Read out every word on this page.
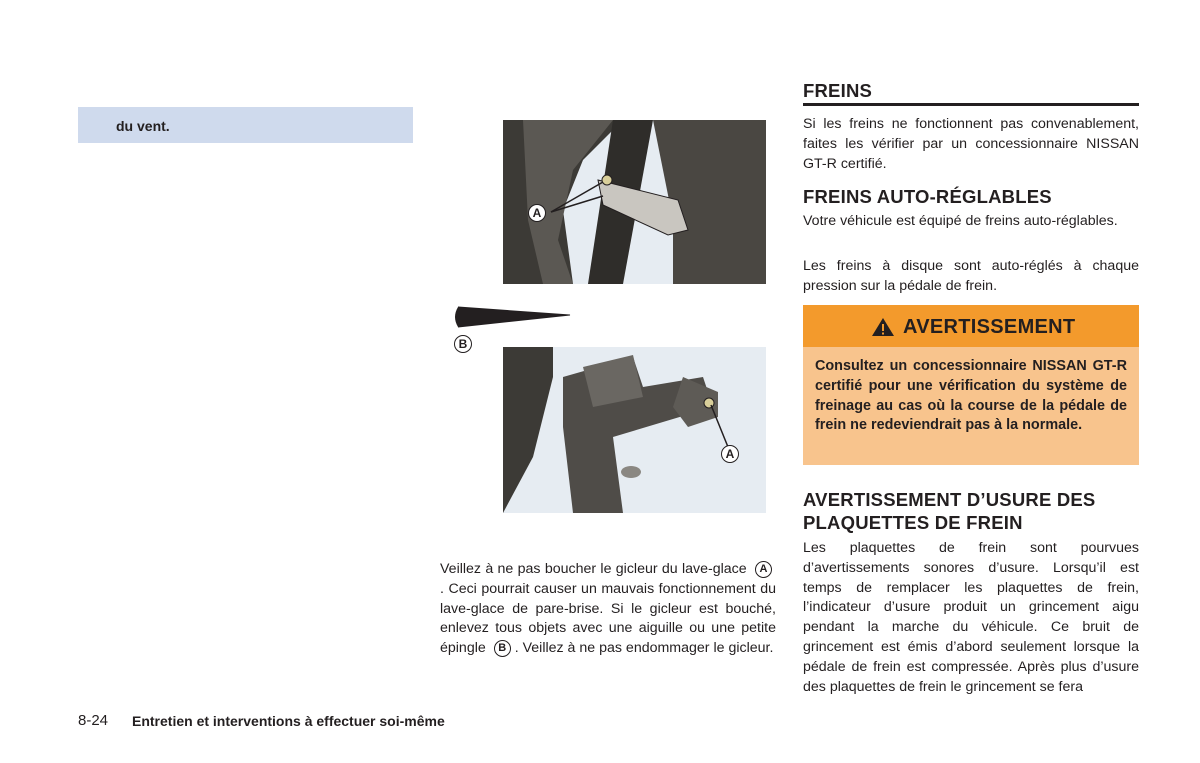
du vent.
A
B
A
Veillez à ne pas boucher le gicleur du lave-glace A. Ceci pourrait causer un mauvais fonctionnement du lave-glace de pare-brise. Si le gicleur est bouché, enlevez tous objets avec une aiguille ou une petite épingle B . Veillez à ne pas endommager le gicleur.
FREINS
Si les freins ne fonctionnent pas convenablement, faites les vérifier par un concessionnaire NISSAN GT-R certifié.
FREINS AUTO-RÉGLABLES
Votre véhicule est équipé de freins auto-réglables.
Les freins à disque sont auto-réglés à chaque pression sur la pédale de frein.
AVERTISSEMENT
Consultez un concessionnaire NISSAN GT-R certifié pour une vérification du système de freinage au cas où la course de la pédale de frein ne redeviendrait pas à la normale.
AVERTISSEMENT D’USURE DES
PLAQUETTES DE FREIN
Les plaquettes de frein sont pourvues d’avertissements sonores d’usure. Lorsqu’il est temps de remplacer les plaquettes de frein, l’indicateur d’usure produit un grincement aigu pendant la marche du véhicule. Ce bruit de grincement est émis d’abord seulement lorsque la pédale de frein est compressée. Après plus d’usure des plaquettes de frein le grincement se fera
8-24 Entretien et interventions à effectuer soi-même
